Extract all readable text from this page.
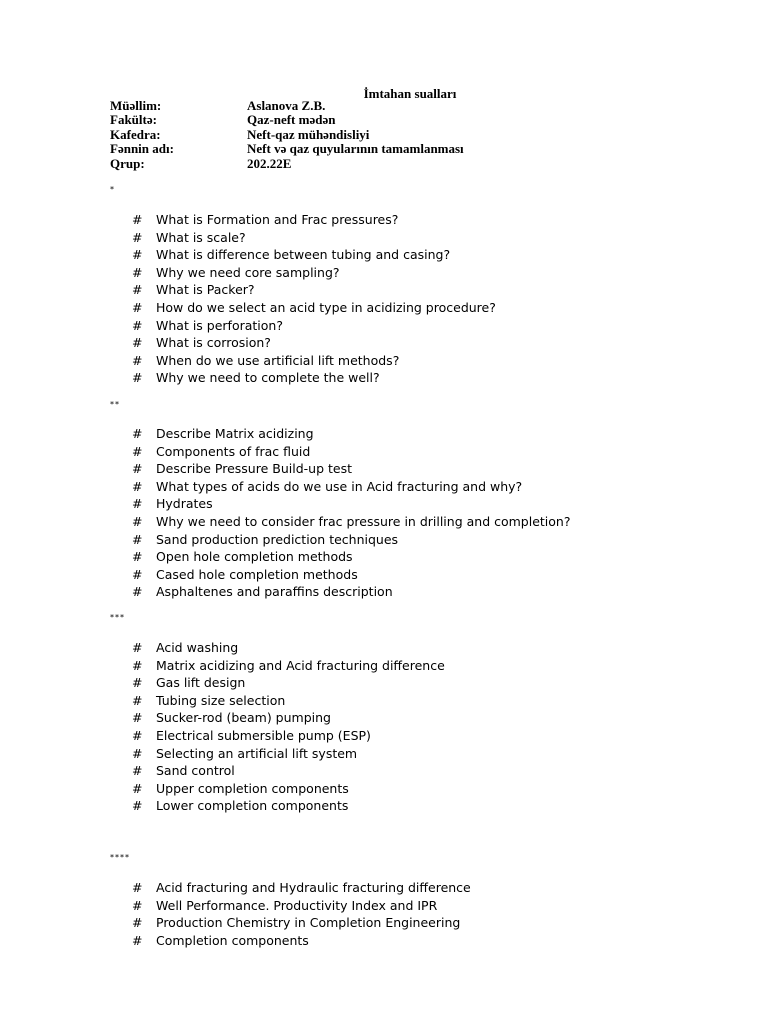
İmtahan sualları
Müəllim:	Aslanova Z.B.
Fakültə:	Qaz-neft mədən
Kafedra:	Neft-qaz mühəndisliyi
Fənnin adı:	Neft və qaz quyularının tamamlanması
Qrup:	202.22E
*
# What is Formation and Frac pressures?
# What is scale?
# What is difference between tubing and casing?
# Why we need core sampling?
# What is Packer?
# How do we select an acid type in acidizing procedure?
# What is perforation?
# What is corrosion?
# When do we use artificial lift methods?
# Why we need to complete the well?
**
# Describe Matrix acidizing
# Components of frac fluid
# Describe Pressure Build-up test
# What types of acids do we use in Acid fracturing and why?
# Hydrates
# Why we need to consider frac pressure in drilling and completion?
# Sand production prediction techniques
# Open hole completion methods
# Cased hole completion methods
# Asphaltenes and paraffins description
***
# Acid washing
# Matrix acidizing and Acid fracturing difference
# Gas lift design
# Tubing size selection
# Sucker-rod (beam) pumping
# Electrical submersible pump (ESP)
# Selecting an artificial lift system
# Sand control
# Upper completion components
# Lower completion components
****
# Acid fracturing and Hydraulic fracturing difference
# Well Performance. Productivity Index and IPR
# Production Chemistry in Completion Engineering
# Completion components
